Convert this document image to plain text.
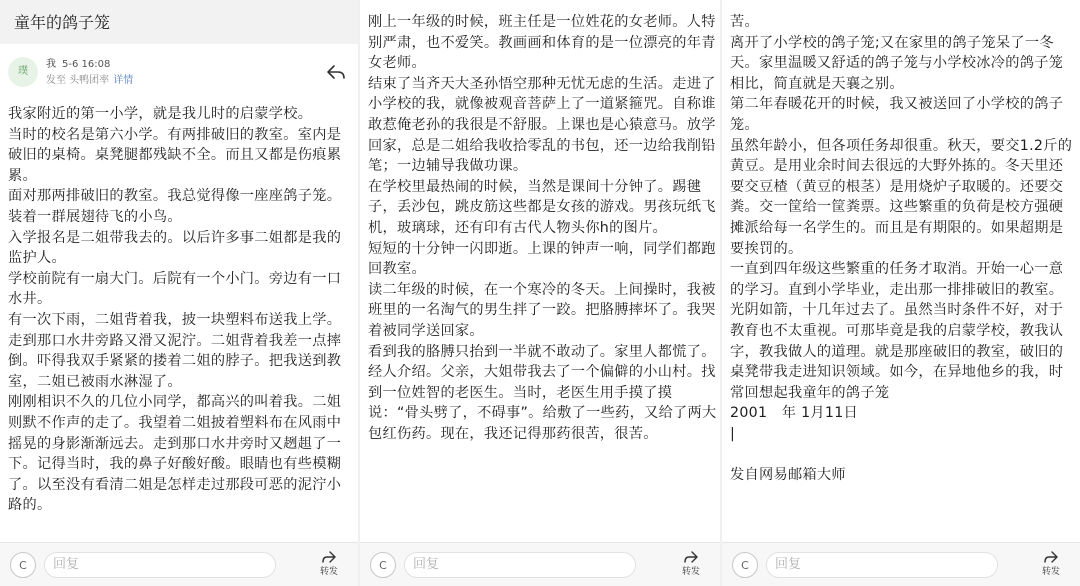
童年的鸽子笼
璞
我 5-6 16:08
发至 头鸭团率 详情
我家附近的第一小学，就是我儿时的启蒙学校。
当时的校名是第六小学。有两排破旧的教室。室内是破旧的桌椅。桌凳腿都残缺不全。而且又都是伤痕累累。
面对那两排破旧的教室。我总觉得像一座座鸽子笼。装着一群展翅待飞的小鸟。
入学报名是二姐带我去的。以后许多事二姐都是我的监护人。
学校前院有一扇大门。后院有一个小门。旁边有一口水井。
有一次下雨，二姐背着我，披一块塑料布送我上学。走到那口水井旁路又滑又泥泞。二姐背着我差一点摔倒。吓得我双手紧紧的搂着二姐的脖子。把我送到教室，二姐已被雨水淋湿了。
刚刚相识不久的几位小同学，都高兴的叫着我。二姐则默不作声的走了。我望着二姐披着塑料布在风雨中摇晃的身影渐渐远去。走到那口水井旁时又趔趄了一下。记得当时，我的鼻子好酸好酸。眼睛也有些模糊了。以至没有看清二姐是怎样走过那段可恶的泥泞小路的。
C	回复	转发
刚上一年级的时候，班主任是一位姓花的女老师。人特别严肃，也不爱笑。教画画和体育的是一位漂亮的年青女老师。
结束了当齐天大圣孙悟空那种无忧无虑的生活。走进了小学校的我，就像被观音菩萨上了一道紧箍咒。自称谁敢惹俺老孙的我很是不舒服。上课也是心猿意马。放学回家，总是二姐给我收拾零乱的书包，还一边给我削铅笔；一边辅导我做功课。
在学校里最热闹的时候，当然是课间十分钟了。踢毽子，丢沙包，跳皮筋这些都是女孩的游戏。男孩玩纸飞机，玻璃球，还有印有古代人物头你h的图片。
短短的十分钟一闪即逝。上课的钟声一响，同学们都跑回教室。
读二年级的时候，在一个寒冷的冬天。上间操时，我被班里的一名淘气的男生拌了一跤。把胳膊摔坏了。我哭着被同学送回家。
看到我的胳膊只抬到一半就不敢动了。家里人都慌了。
经人介绍。父亲，大姐带我去了一个偏僻的小山村。找到一位姓智的老医生。当时，老医生用手摸了摸说：“骨头劈了，不碍事”。给敷了一些药，又给了两大包红伤药。现在，我还记得那药很苦，很苦。
C	回复	转发
苦。
离开了小学校的鸽子笼;又在家里的鸽子笼呆了一冬天。家里温暖又舒适的鸽子笼与小学校冰冷的鸽子笼相比，简直就是天襄之别。
第二年春暖花开的时候，我又被送回了小学校的鸽子笼。
虽然年龄小，但各项任务却很重。秋天，要交1.2斤的黄豆。是用业余时间去很远的大野外拣的。冬天里还要交豆楂（黄豆的根茎）是用烧炉子取暖的。还要交粪。交一筐给一筐粪票。这些繁重的负荷是校方强硬摊派给每一名学生的。而且是有期限的。如果超期是要挨罚的。
一直到四年级这些繁重的任务才取消。开始一心一意的学习。直到小学毕业，走出那一排排破旧的教室。
光阴如箭，十几年过去了。虽然当时条件不好，对于教育也不太重视。可那毕竟是我的启蒙学校，教我认字，教我做人的道理。就是那座破旧的教室，破旧的桌凳带我走进知识领域。如今，在异地他乡的我，时常回想起我童年的鸽子笼
2001　年 1月11日
|

发自网易邮箱大师
C	回复	转发
